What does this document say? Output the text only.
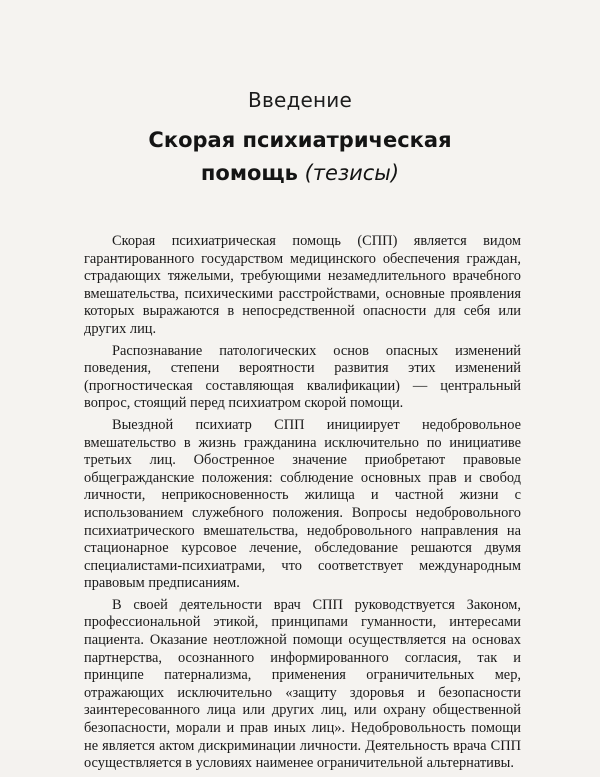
Введение
Скорая психиатрическая
помощь (тезисы)

Скорая психиатрическая помощь (СПП) является видом гарантированного государством медицинского обеспечения граждан, страдающих тяжелыми, требующими незамедлительного врачебного вмешательства, психическими расстройствами, основные проявления которых выражаются в непосредственной опасности для себя или других лиц.

Распознавание патологических основ опасных изменений поведения, степени вероятности развития этих изменений (прогностическая составляющая квалификации) — центральный вопрос, стоящий перед психиатром скорой помощи.

Выездной психиатр СПП инициирует недобровольное вмешательство в жизнь гражданина исключительно по инициативе третьих лиц. Обостренное значение приобретают правовые общегражданские положения: соблюдение основных прав и свобод личности, неприкосновенность жилища и частной жизни с использованием служебного положения. Вопросы недобровольного психиатрического вмешательства, недобровольного направления на стационарное курсовое лечение, обследование решаются двумя специалистами-психиатрами, что соответствует международным правовым предписаниям.

В своей деятельности врач СПП руководствуется Законом, профессиональной этикой, принципами гуманности, интересами пациента. Оказание неотложной помощи осуществляется на основах партнерства, осознанного информированного согласия, так и принципе патернализма, применения ограничительных мер, отражающих исключительно «защиту здоровья и безопасности заинтересованного лица или других лиц, или охрану общественной безопасности, морали и прав иных лиц». Недобровольность помощи не является актом дискриминации личности. Деятельность врача СПП осуществляется в условиях наименее ограничительной альтернативы.
